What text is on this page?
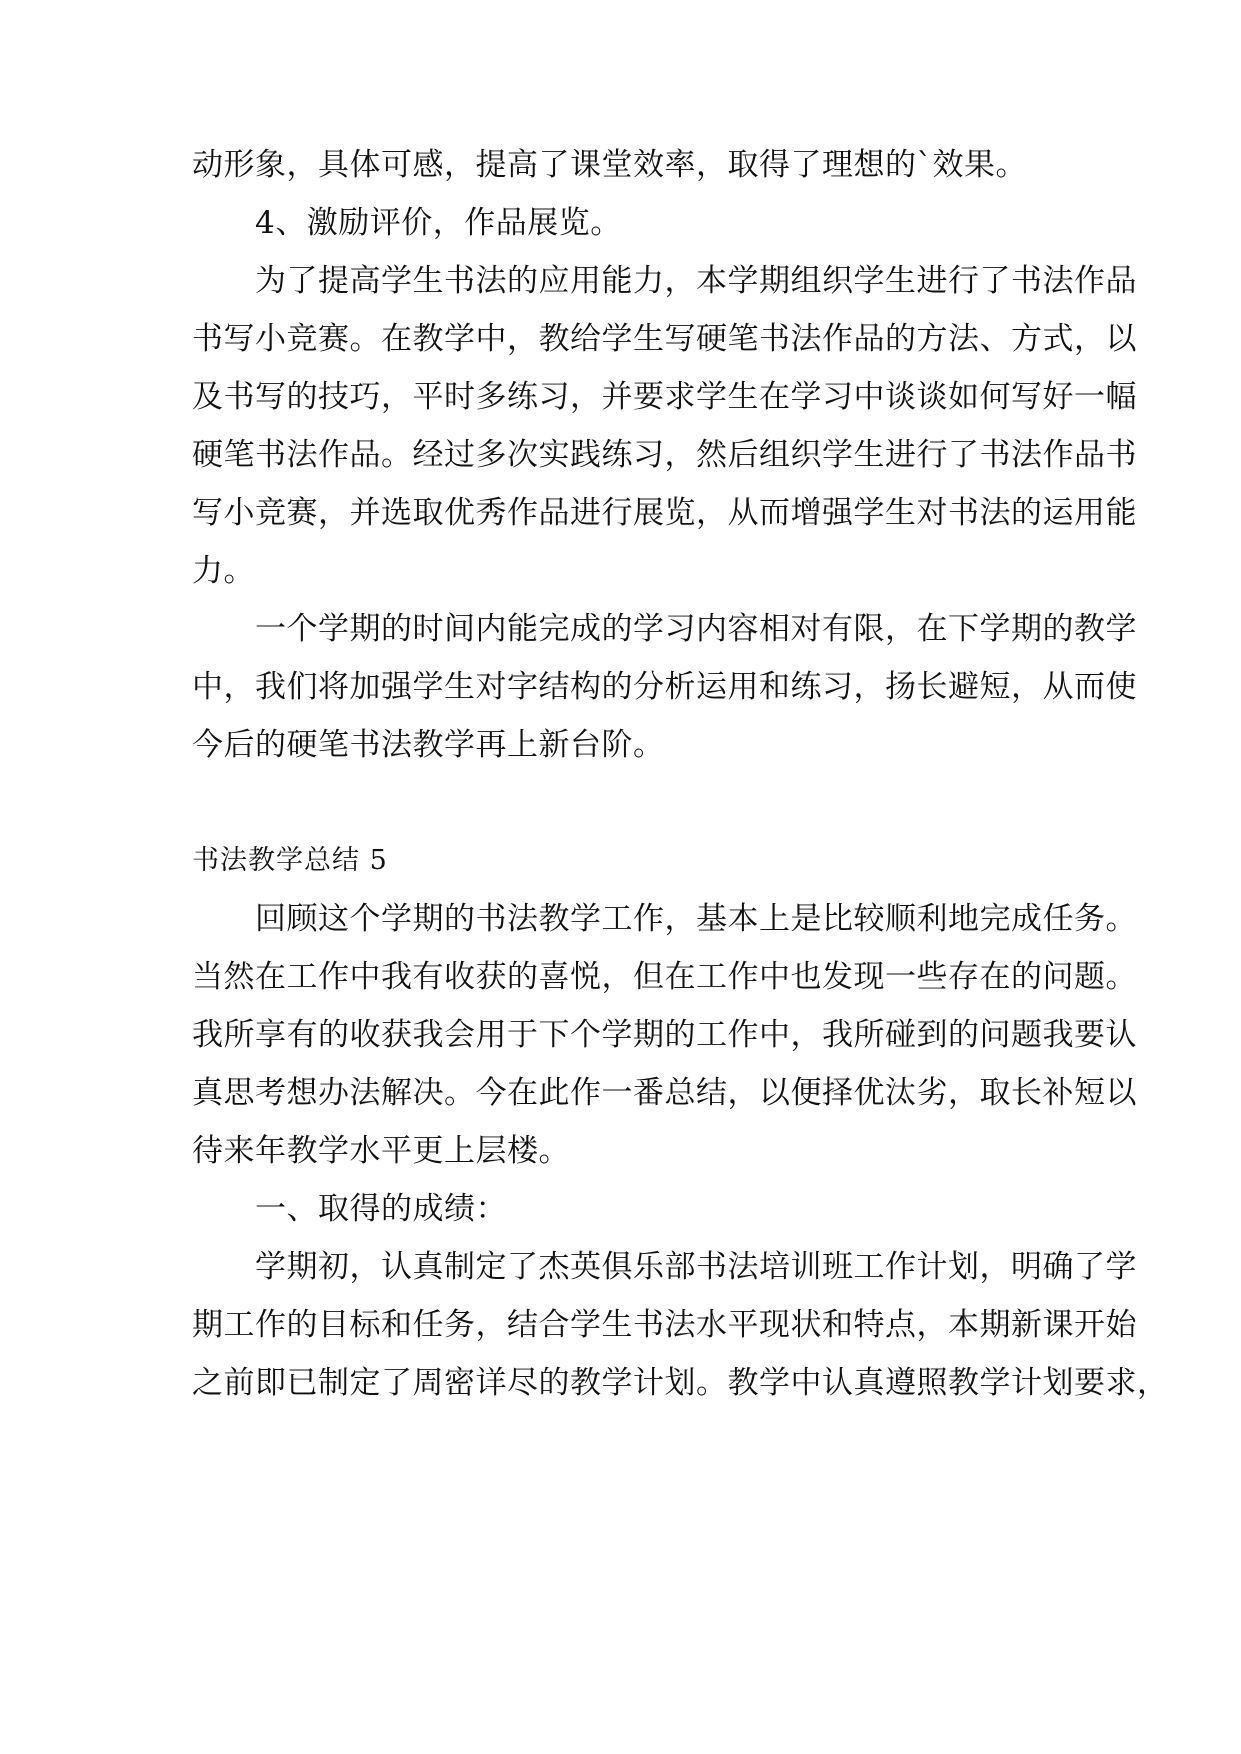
动形象，具体可感，提高了课堂效率，取得了理想的`效果。
　　4、激励评价，作品展览。
　　为了提高学生书法的应用能力，本学期组织学生进行了书法作品
书写小竞赛。在教学中，教给学生写硬笔书法作品的方法、方式，以
及书写的技巧，平时多练习，并要求学生在学习中谈谈如何写好一幅
硬笔书法作品。经过多次实践练习，然后组织学生进行了书法作品书
写小竞赛，并选取优秀作品进行展览，从而增强学生对书法的运用能
力。
　　一个学期的时间内能完成的学习内容相对有限，在下学期的教学
中，我们将加强学生对字结构的分析运用和练习，扬长避短，从而使
今后的硬笔书法教学再上新台阶。
书法教学总结 5
　　回顾这个学期的书法教学工作，基本上是比较顺利地完成任务。
当然在工作中我有收获的喜悦，但在工作中也发现一些存在的问题。
我所享有的收获我会用于下个学期的工作中，我所碰到的问题我要认
真思考想办法解决。今在此作一番总结，以便择优汰劣，取长补短以
待来年教学水平更上层楼。
　　一、取得的成绩：
　　学期初，认真制定了杰英俱乐部书法培训班工作计划，明确了学
期工作的目标和任务，结合学生书法水平现状和特点，本期新课开始
之前即已制定了周密详尽的教学计划。教学中认真遵照教学计划要求，
